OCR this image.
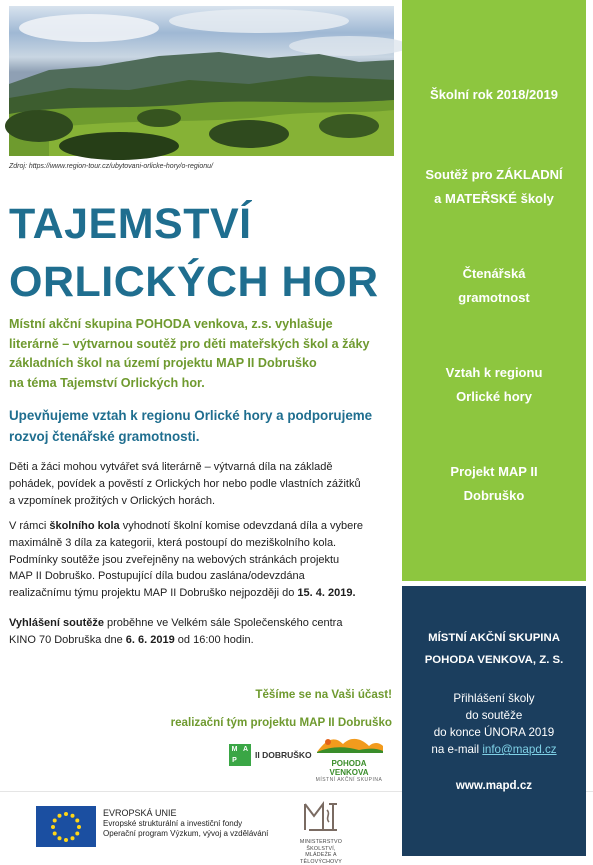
Zdroj: https://www.region-tour.cz/ubytovani-orlicke-hory/o-regionu/
TAJEMSTVÍ
ORLICKÝCH HOR
Místní akční skupina POHODA venkova, z.s. vyhlašuje
literárně – výtvarnou soutěž pro děti mateřských škol a žáky
základních škol na území projektu MAP II Dobruško
na téma Tajemství Orlických hor.
Upevňujeme vztah k regionu Orlické hory a podporujeme
rozvoj čtenářské gramotnosti.
Děti a žáci mohou vytvářet svá literárně – výtvarná díla na základě
pohádek, povídek a pověstí z Orlických hor nebo podle vlastních zážitků
a vzpomínek prožitých v Orlických horách.
V rámci školního kola vyhodnotí školní komise odevzdaná díla a vybere
maximálně 3 díla za kategorii, která postoupí do meziškolního kola.
Podmínky soutěže jsou zveřejněny na webových stránkách projektu
MAP II Dobruško. Postupující díla budou zaslána/odevzdána
realizačnímu týmu projektu MAP II Dobruško nejpozději do 15. 4. 2019.
Vyhlášení soutěže proběhne ve Velkém sále Společenského centra
KINO 70 Dobruška dne 6. 6. 2019 od 16:00 hodin.
Těšíme se na Vaši účast!
realizační tým projektu MAP II Dobruško
M A
P
II DOBRUŠKO
POHODA VENKOVA
MÍSTNÍ AKČNÍ SKUPINA
EVROPSKÁ UNIE
Evropské strukturální a investiční fondy
Operační program Výzkum, vývoj a vzdělávání
MINISTERSTVO ŠKOLSTVÍ,
MLÁDEŽE A TĚLOVÝCHOVY
Školní rok 2018/2019
Soutěž pro ZÁKLADNÍ
a MATEŘSKÉ školy
Čtenářská
gramotnost
Vztah k regionu
Orlické hory
Projekt MAP II
Dobruško
MÍSTNÍ AKČNÍ SKUPINA
POHODA VENKOVA, Z. S.
Přihlášení školy
do soutěže
do konce ÚNORA 2019
na e-mail info@mapd.cz
www.mapd.cz
